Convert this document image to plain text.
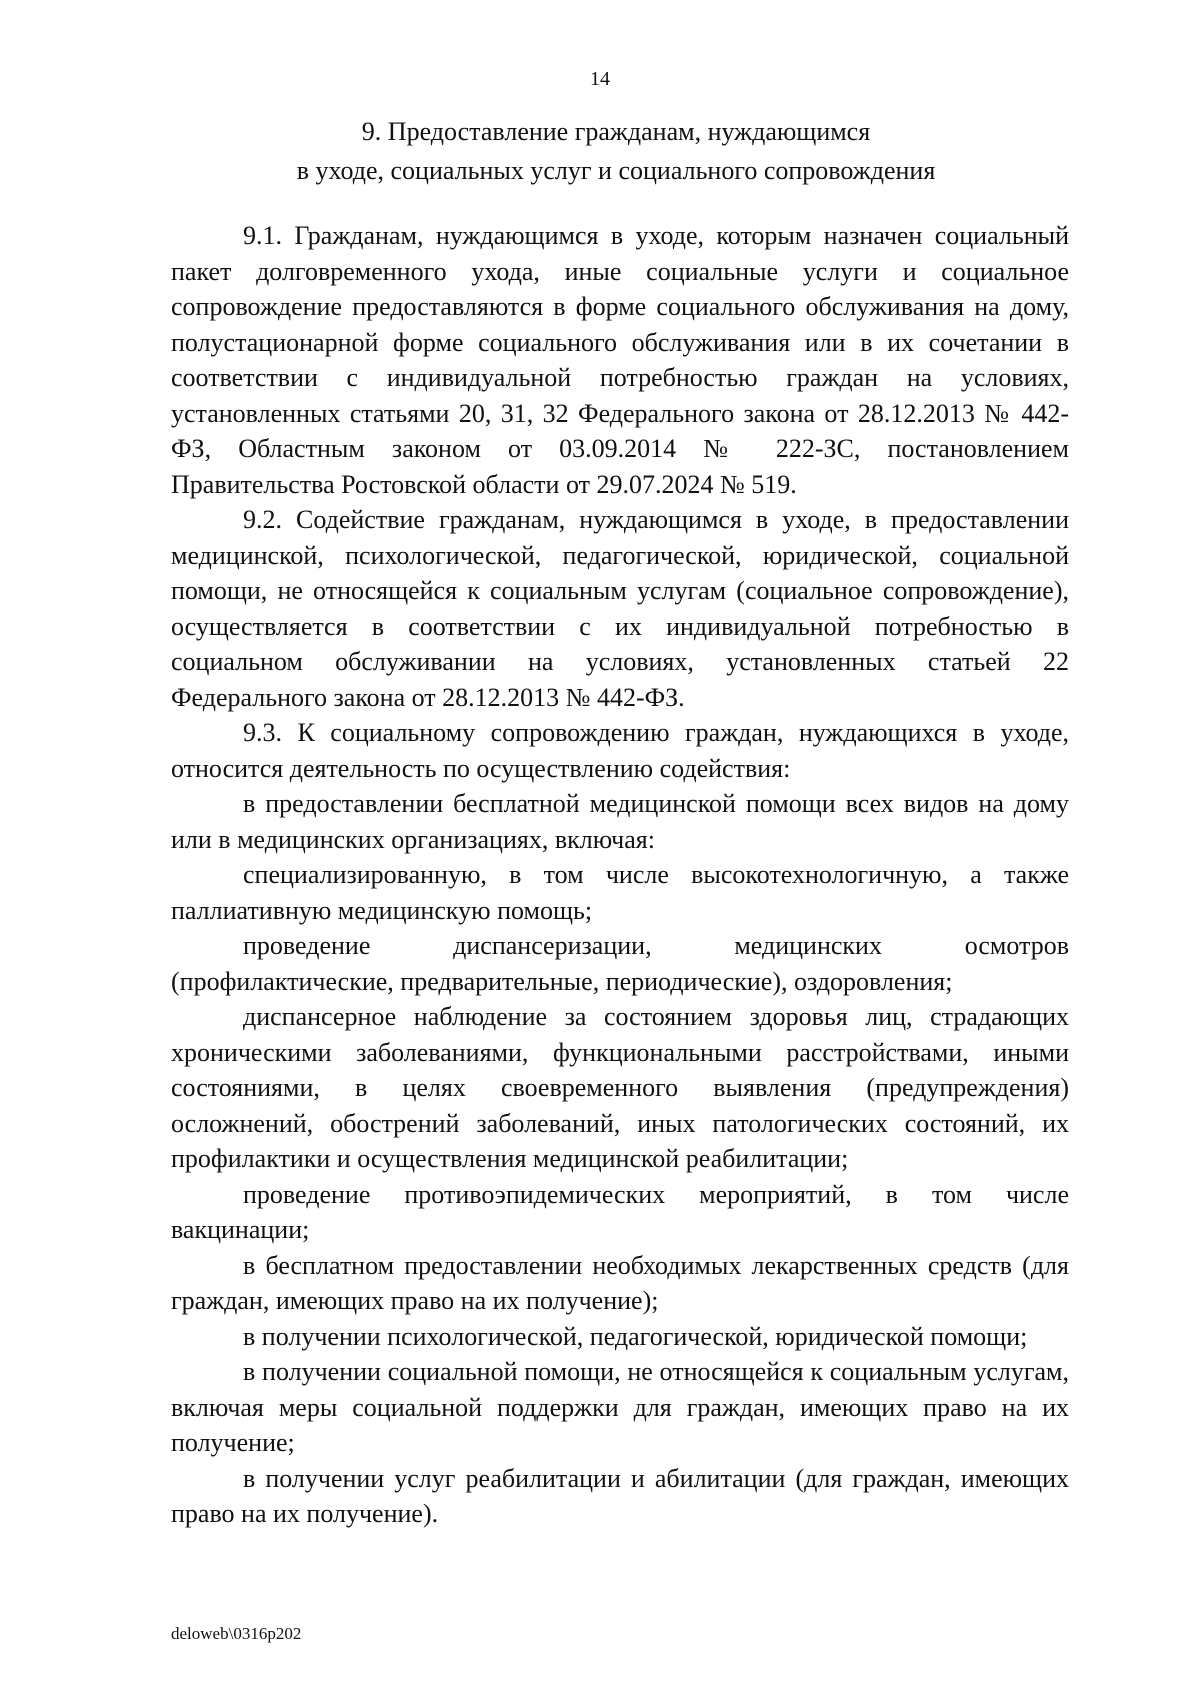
14
9. Предоставление гражданам, нуждающимся
в уходе, социальных услуг и социального сопровождения

9.1. Гражданам, нуждающимся в уходе, которым назначен социальный пакет долговременного ухода, иные социальные услуги и социальное сопровождение предоставляются в форме социального обслуживания на дому, полустационарной форме социального обслуживания или в их сочетании в соответствии с индивидуальной потребностью граждан на условиях, установленных статьями 20, 31, 32 Федерального закона от 28.12.2013 № 442-ФЗ, Областным законом от 03.09.2014 № 222-ЗС, постановлением Правительства Ростовской области от 29.07.2024 № 519.

9.2. Содействие гражданам, нуждающимся в уходе, в предоставлении медицинской, психологической, педагогической, юридической, социальной помощи, не относящейся к социальным услугам (социальное сопровождение), осуществляется в соответствии с их индивидуальной потребностью в социальном обслуживании на условиях, установленных статьей 22 Федерального закона от 28.12.2013 № 442-ФЗ.

9.3. К социальному сопровождению граждан, нуждающихся в уходе, относится деятельность по осуществлению содействия:

в предоставлении бесплатной медицинской помощи всех видов на дому или в медицинских организациях, включая:

специализированную, в том числе высокотехнологичную, а также паллиативную медицинскую помощь;

проведение диспансеризации, медицинских осмотров (профилактические, предварительные, периодические), оздоровления;

диспансерное наблюдение за состоянием здоровья лиц, страдающих хроническими заболеваниями, функциональными расстройствами, иными состояниями, в целях своевременного выявления (предупреждения) осложнений, обострений заболеваний, иных патологических состояний, их профилактики и осуществления медицинской реабилитации;

проведение противоэпидемических мероприятий, в том числе вакцинации;

в бесплатном предоставлении необходимых лекарственных средств (для граждан, имеющих право на их получение);

в получении психологической, педагогической, юридической помощи;

в получении социальной помощи, не относящейся к социальным услугам, включая меры социальной поддержки для граждан, имеющих право на их получение;

в получении услуг реабилитации и абилитации (для граждан, имеющих право на их получение).

deloweb\0316p202
